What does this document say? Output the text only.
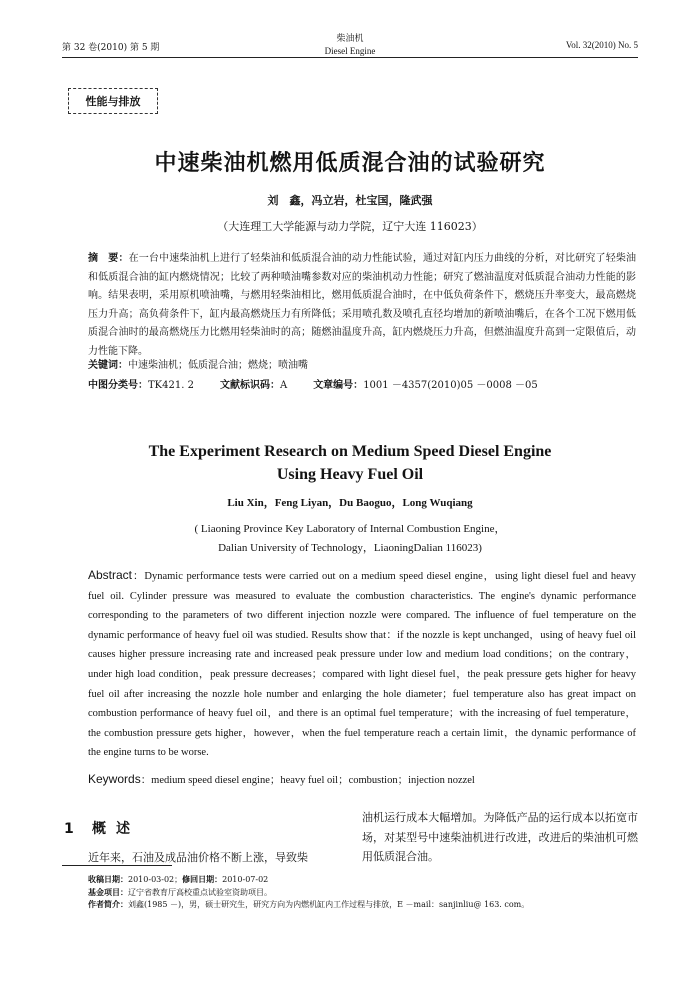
第 32 卷(2010) 第 5 期
柴油机
Diesel Engine
Vol. 32(2010) No. 5
性能与排放
中速柴油机燃用低质混合油的试验研究
刘　鑫，冯立岩，杜宝国，隆武强
（大连理工大学能源与动力学院，辽宁大连 116023）
摘　要：在一台中速柴油机上进行了轻柴油和低质混合油的动力性能试验，通过对缸内压力曲线的分析，对比研究了轻柴油和低质混合油的缸内燃烧情况；比较了两种喷油嘴参数对应的柴油机动力性能；研究了燃油温度对低质混合油动力性能的影响。结果表明，采用原机喷油嘴，与燃用轻柴油相比，燃用低质混合油时，在中低负荷条件下，燃烧压升率变大，最高燃烧压力升高；高负荷条件下，缸内最高燃烧压力有所降低；采用喷孔数及喷孔直径均增加的新喷油嘴后，在各个工况下燃用低质混合油时的最高燃烧压力比燃用轻柴油时的高；随燃油温度升高，缸内燃烧压力升高，但燃油温度升高到一定限值后，动力性能下降。
关键词：中速柴油机；低质混合油；燃烧；喷油嘴
中图分类号：TK421. 2	文献标识码：A	文章编号：1001 －4357(2010)05 －0008 －05
The Experiment Research on Medium Speed Diesel Engine
Using Heavy Fuel Oil
Liu Xin，Feng Liyan，Du Baoguo，Long Wuqiang
( Liaoning Province Key Laboratory of Internal Combustion Engine，
Dalian University of Technology，LiaoningDalian 116023)
Abstract：Dynamic performance tests were carried out on a medium speed diesel engine，using light diesel fuel and heavy fuel oil. Cylinder pressure was measured to evaluate the combustion characteristics. The engine's dynamic performance corresponding to the parameters of two different injection nozzle were compared. The influence of fuel temperature on the dynamic performance of heavy fuel oil was studied. Results show that：if the nozzle is kept unchanged，using of heavy fuel oil causes higher pressure increasing rate and increased peak pressure under low and medium load conditions；on the contrary，under high load condition，peak pressure decreases；compared with light diesel fuel，the peak pressure gets higher for heavy fuel oil after increasing the nozzle hole number and enlarging the hole diameter；fuel temperature also has great impact on combustion performance of heavy fuel oil，and there is an optimal fuel temperature；with the increasing of fuel temperature，the combustion pressure gets higher，however，when the fuel temperature reach a certain limit，the dynamic performance of the engine turns to be worse.
Keywords：medium speed diesel engine；heavy fuel oil；combustion；injection nozzel
1 概述
近年来，石油及成品油价格不断上涨，导致柴
油机运行成本大幅增加。为降低产品的运行成本以拓宽市场，对某型号中速柴油机进行改进，改进后的柴油机可燃用低质混合油。
收稿日期：2010-03-02；修回日期：2010-07-02
基金项目：辽宁省教育厅高校重点试验室资助项目。
作者简介：刘鑫(1985 －)，男，硕士研究生，研究方向为内燃机缸内工作过程与排放，E －mail：sanjinliu@ 163. com。
